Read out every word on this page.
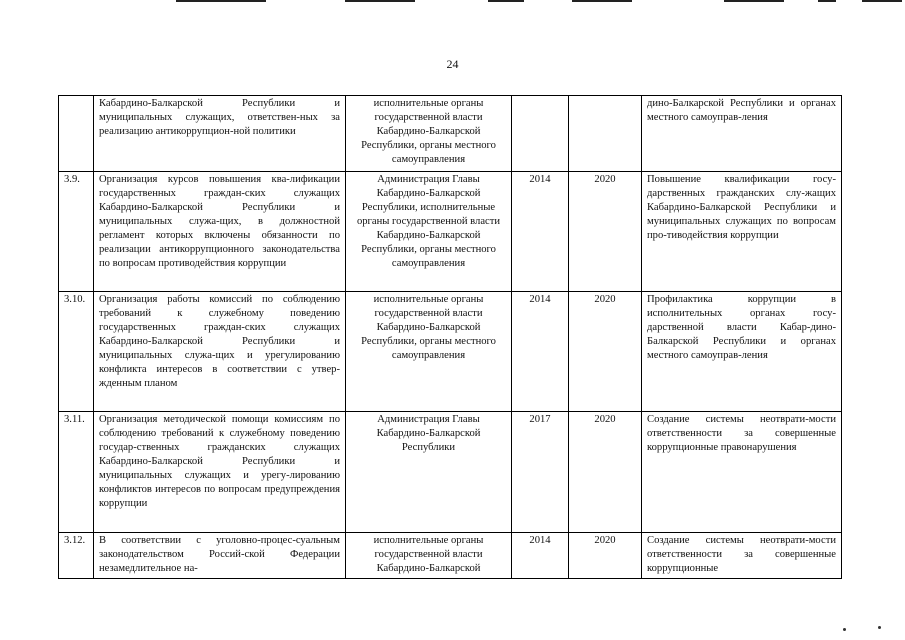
24
	Кабардино-Балкарской Республики и муниципальных служащих, ответствен-ных за реализацию антикоррупцион-ной политики	исполнительные органы государственной власти Кабардино-Балкарской Республики, органы местного самоуправления			дино-Балкарской Республики и органах местного самоуправ-ления
3.9.	Организация курсов повышения ква-лификации государственных граждан-ских служащих Кабардино-Балкарской Республики и муниципальных служа-щих, в должностной регламент которых включены обязанности по реализации антикоррупционного законодательства по вопросам противодействия коррупции	Администрация Главы Кабардино-Балкарской Республики, исполнительные органы государственной власти Кабардино-Балкарской Республики, органы местного самоуправления	2014	2020	Повышение квалификации госу-дарственных гражданских слу-жащих Кабардино-Балкарской Республики и муниципальных служащих по вопросам про-тиводействия коррупции
3.10.	Организация работы комиссий по соблюдению требований к служебному поведению государственных граждан-ских служащих Кабардино-Балкарской Республики и муниципальных служа-щих и урегулированию конфликта интересов в соответствии с утвер-жденным планом	исполнительные органы государственной власти Кабардино-Балкарской Республики, органы местного самоуправления	2014	2020	Профилактика коррупции в исполнительных органах госу-дарственной власти Кабар-дино-Балкарской Республики и органах местного самоуправ-ления
3.11.	Организация методической помощи комиссиям по соблюдению требований к служебному поведению государ-ственных гражданских служащих Кабардино-Балкарской Республики и муниципальных служащих и урегу-лированию конфликтов интересов по вопросам предупреждения коррупции	Администрация Главы Кабардино-Балкарской Республики	2017	2020	Создание системы неотврати-мости ответственности за совершенные коррупционные правонарушения
3.12.	В соответствии с уголовно-процес-суальным законодательством Россий-ской Федерации незамедлительное на-	исполнительные органы государственной власти Кабардино-Балкарской	2014	2020	Создание системы неотврати-мости ответственности за совершенные коррупционные
